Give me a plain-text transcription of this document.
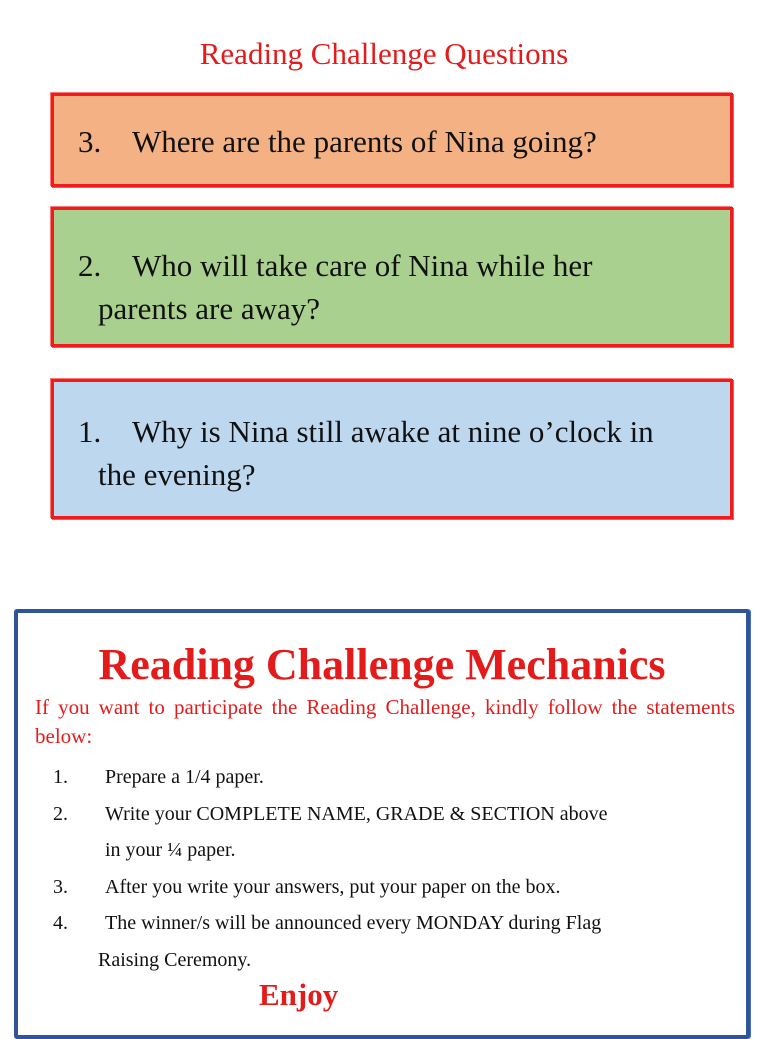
Reading Challenge Questions
3. Where are the parents of Nina going?
2. Who will take care of Nina while her
parents are away?
1. Why is Nina still awake at nine o’clock in
the evening?
Reading Challenge Mechanics
If you want to participate the Reading Challenge, kindly follow the statements below:
1. Prepare a 1/4 paper.
2. Write your COMPLETE NAME, GRADE & SECTION above
in your ¼ paper.
3. After you write your answers, put your paper on the box.
4. The winner/s will be announced every MONDAY during Flag
Raising Ceremony.
Enjoy
